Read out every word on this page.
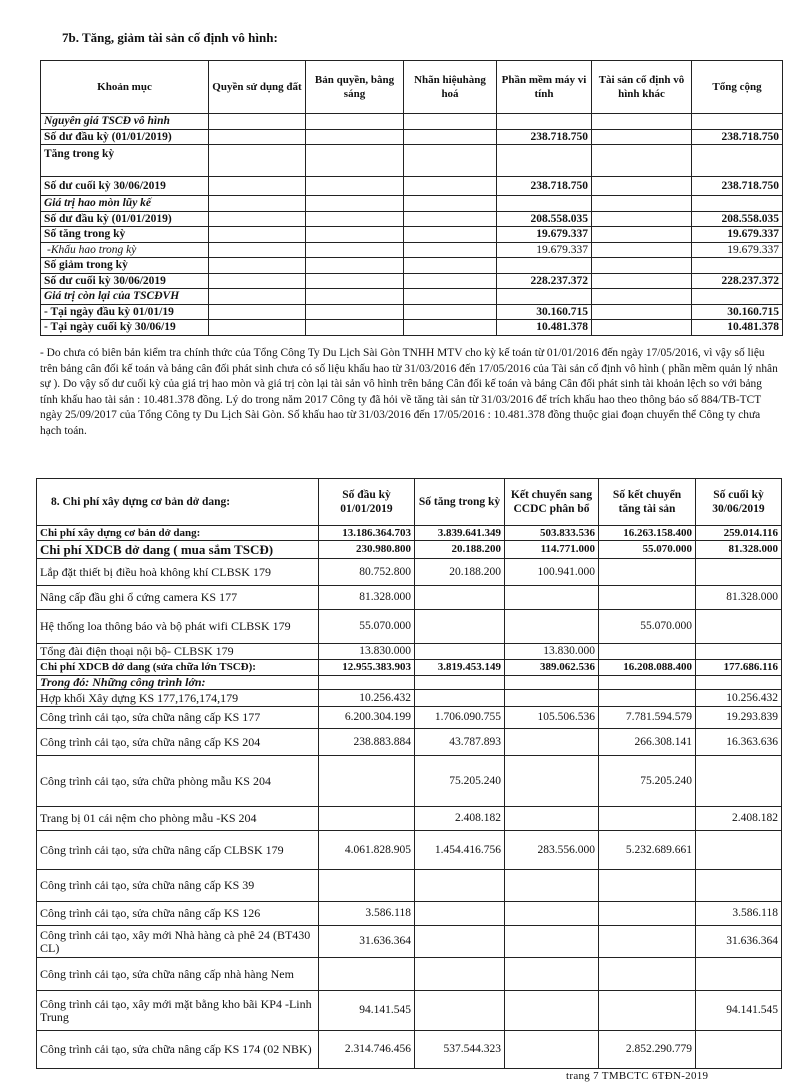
7b. Tăng, giảm tài sản cố định vô hình:
Khoản mục	Quyền sử dụng đất	Bản quyền, bằng sáng	Nhãn hiệuhàng hoá	Phần mềm máy vi tính	Tài sản cố định vô hình khác	Tổng cộng
Nguyên giá TSCĐ vô hình						
Số dư đầu kỳ (01/01/2019)				238.718.750		238.718.750
Tăng trong kỳ						
Số dư cuối kỳ 30/06/2019				238.718.750		238.718.750
Giá trị hao mòn lũy kế						
Số dư đầu kỳ (01/01/2019)				208.558.035		208.558.035
Số tăng trong kỳ				19.679.337		19.679.337
-Khấu hao trong kỳ				19.679.337		19.679.337
Số giảm trong kỳ						
Số dư cuối kỳ 30/06/2019				228.237.372		228.237.372
Giá trị còn lại của TSCĐVH						
- Tại ngày đầu kỳ 01/01/19				30.160.715		30.160.715
- Tại ngày cuối kỳ 30/06/19				10.481.378		10.481.378
- Do chưa có biên bản kiểm tra chính thức của Tổng Công Ty Du Lịch Sài Gòn TNHH MTV cho kỳ kế toán từ 01/01/2016 đến ngày 17/05/2016, vì vậy số liệu trên bảng cân đối kế toán và bảng cân đối phát sinh chưa có số liệu khấu hao từ 31/03/2016 đến 17/05/2016 của Tài sản cố định vô hình ( phần mềm quản lý nhân sự ). Do vậy số dư cuối kỳ của giá trị hao mòn và giá trị còn lại tài sản vô hình trên bảng Cân đối kế toán và bảng Cân đối phát sinh tài khoản lệch so với bảng tính khấu hao tài sản : 10.481.378 đồng. Lý do trong năm 2017 Công ty đã hỏi về tăng tài sản từ 31/03/2016 để trích khấu hao theo thông báo số 884/TB-TCT ngày 25/09/2017 của Tổng Công ty Du Lịch Sài Gòn. Số khấu hao từ 31/03/2016 đến 17/05/2016 : 10.481.378 đồng thuộc giai đoạn chuyển thể Công ty chưa hạch toán.
8. Chi phí xây dựng cơ bản dở dang:	Số đầu kỳ 01/01/2019	Số tăng trong kỳ	Kết chuyển sang CCDC phân bổ	Số kết chuyển tăng tài sản	Số cuối kỳ 30/06/2019
Chi phí xây dựng cơ bản dở dang:	13.186.364.703	3.839.641.349	503.833.536	16.263.158.400	259.014.116
Chi phí XDCB dở dang ( mua sắm TSCĐ)	230.980.800	20.188.200	114.771.000	55.070.000	81.328.000
Lắp đặt thiết bị điều hoà không khí CLBSK 179	80.752.800	20.188.200	100.941.000		
Nâng cấp đầu ghi ổ cứng camera KS 177	81.328.000				81.328.000
Hệ thống loa thông báo và bộ phát wifi CLBSK 179	55.070.000			55.070.000	
Tổng đài điện thoại nội bộ- CLBSK 179	13.830.000		13.830.000		
Chi phí XDCB dở dang (sửa chữa lớn TSCĐ):	12.955.383.903	3.819.453.149	389.062.536	16.208.088.400	177.686.116
Trong đó: Những công trình lớn:					
Hợp khối Xây dựng KS 177,176,174,179	10.256.432				10.256.432
Công trình cải tạo, sửa chữa nâng cấp KS 177	6.200.304.199	1.706.090.755	105.506.536	7.781.594.579	19.293.839
Công trình cải tạo, sửa chữa nâng cấp KS 204	238.883.884	43.787.893		266.308.141	16.363.636
Công trình cải tạo, sửa chữa phòng mẫu KS 204		75.205.240		75.205.240	
Trang bị 01 cái nệm cho phòng mẫu -KS 204		2.408.182			2.408.182
Công trình cải tạo, sửa chữa nâng cấp CLBSK 179	4.061.828.905	1.454.416.756	283.556.000	5.232.689.661	
Công trình cải tạo, sửa chữa nâng cấp KS 39					
Công trình cải tạo, sửa chữa nâng cấp KS 126	3.586.118				3.586.118
Công trình cải tạo, xây mới Nhà hàng cà phê 24 (BT430 CL)	31.636.364				31.636.364
Công trình cải tạo, sửa chữa nâng cấp nhà hàng Nem					
Công trình cải tạo, xây mới mặt bằng kho bãi KP4 -Linh Trung	94.141.545				94.141.545
Công trình cải tạo, sửa chữa nâng cấp KS 174 (02 NBK)	2.314.746.456	537.544.323		2.852.290.779	
trang 7 TMBCTC 6TĐN-2019
